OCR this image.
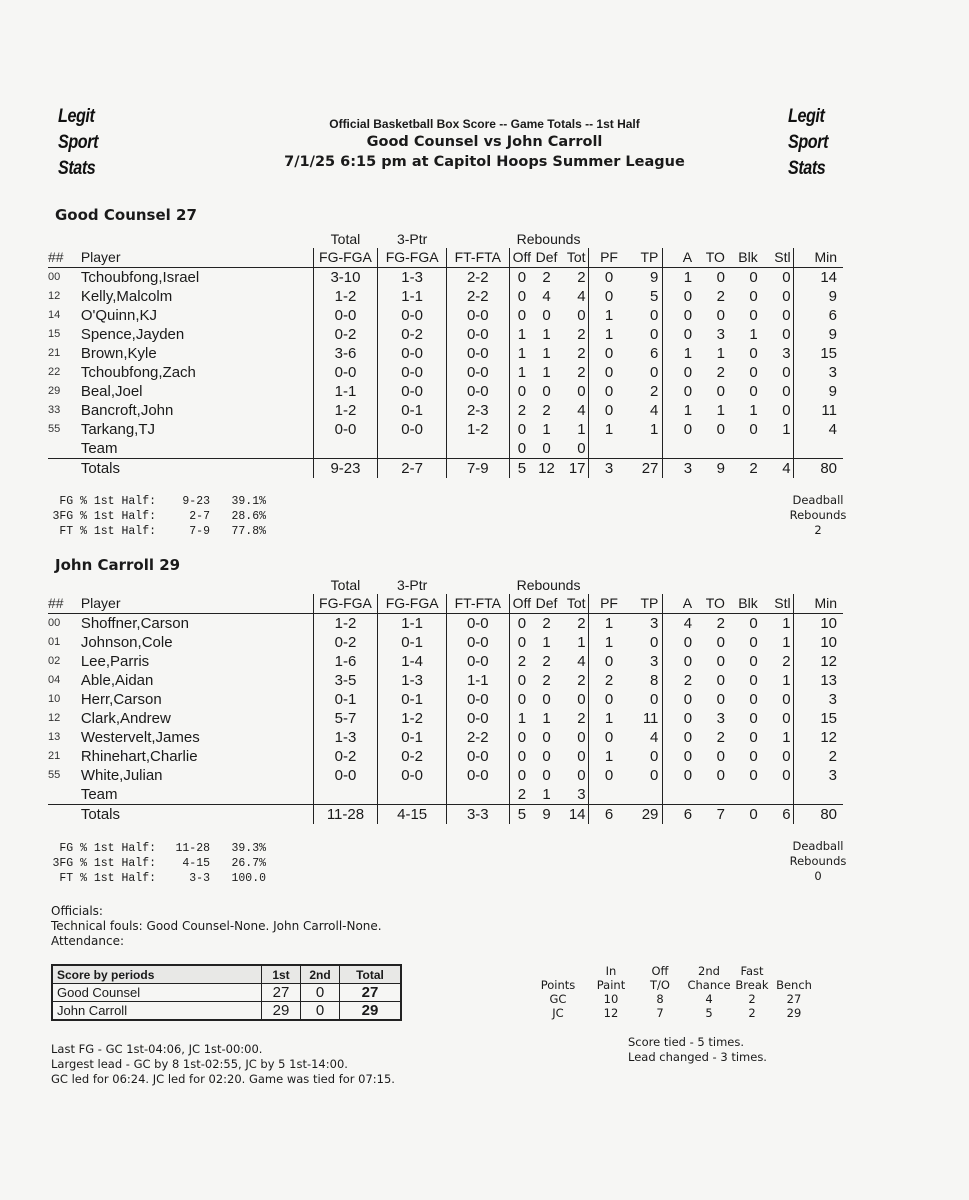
Legit
Sport
Stats
Legit
Sport
Stats
Official Basketball Box Score -- Game Totals -- 1st Half
Good Counsel vs John Carroll
7/1/25 6:15 pm at Capitol Hoops Summer League
Good Counsel 27
		Total	3-Ptr		Rebounds									
##	Player	FG-FGA	FG-FGA	FT-FTA	Off	Def	Tot	PF	TP	A	TO	Blk	Stl	Min
00	Tchoubfong,Israel	3-10	1-3	2-2	0	2	2	0	9	1	0	0	0	14
12	Kelly,Malcolm	1-2	1-1	2-2	0	4	4	0	5	0	2	0	0	9
14	O'Quinn,KJ	0-0	0-0	0-0	0	0	0	1	0	0	0	0	0	6
15	Spence,Jayden	0-2	0-2	0-0	1	1	2	1	0	0	3	1	0	9
21	Brown,Kyle	3-6	0-0	0-0	1	1	2	0	6	1	1	0	3	15
22	Tchoubfong,Zach	0-0	0-0	0-0	1	1	2	0	0	0	2	0	0	3
29	Beal,Joel	1-1	0-0	0-0	0	0	0	0	2	0	0	0	0	9
33	Bancroft,John	1-2	0-1	2-3	2	2	4	0	4	1	1	1	0	11
55	Tarkang,TJ	0-0	0-0	1-2	0	1	1	1	1	0	0	0	1	4
	Team				0	0	0							
	Totals	9-23	2-7	7-9	5	12	17	3	27	3	9	2	4	80
FG % 1st Half: 9-23 39.1%
3FG % 1st Half:	2-7 28.6%
FT % 1st Half:	7-9 77.8%
Deadball
Rebounds
2
John Carroll 29
		Total	3-Ptr		Rebounds									
##	Player	FG-FGA	FG-FGA	FT-FTA	Off	Def	Tot	PF	TP	A	TO	Blk	Stl	Min
00	Shoffner,Carson	1-2	1-1	0-0	0	2	2	1	3	4	2	0	1	10
01	Johnson,Cole	0-2	0-1	0-0	0	1	1	1	0	0	0	0	1	10
02	Lee,Parris	1-6	1-4	0-0	2	2	4	0	3	0	0	0	2	12
04	Able,Aidan	3-5	1-3	1-1	0	2	2	2	8	2	0	0	1	13
10	Herr,Carson	0-1	0-1	0-0	0	0	0	0	0	0	0	0	0	3
12	Clark,Andrew	5-7	1-2	0-0	1	1	2	1	11	0	3	0	0	15
13	Westervelt,James	1-3	0-1	2-2	0	0	0	0	4	0	2	0	1	12
21	Rhinehart,Charlie	0-2	0-2	0-0	0	0	0	1	0	0	0	0	0	2
55	White,Julian	0-0	0-0	0-0	0	0	0	0	0	0	0	0	0	3
	Team				2	1	3							
	Totals	11-28	4-15	3-3	5	9	14	6	29	6	7	0	6	80
FG % 1st Half: 11-28 39.3%
3FG % 1st Half: 4-15 26.7%
FT % 1st Half:	3-3 100.0
Deadball
Rebounds
0
Officials:
Technical fouls: Good Counsel-None. John Carroll-None.
Attendance:
Score by periods	1st	2nd	Total
Good Counsel	27	0	27
John Carroll	29	0	29
	In	Off	2nd	Fast	
Points	Paint	T/O	Chance	Break	Bench
GC	10	8	4	2	27
JC	12	7	5	2	29
Last FG - GC 1st-04:06, JC 1st-00:00.
Largest lead - GC by 8 1st-02:55, JC by 5 1st-14:00.
GC led for 06:24. JC led for 02:20. Game was tied for 07:15.
Score tied - 5 times.
Lead changed - 3 times.
